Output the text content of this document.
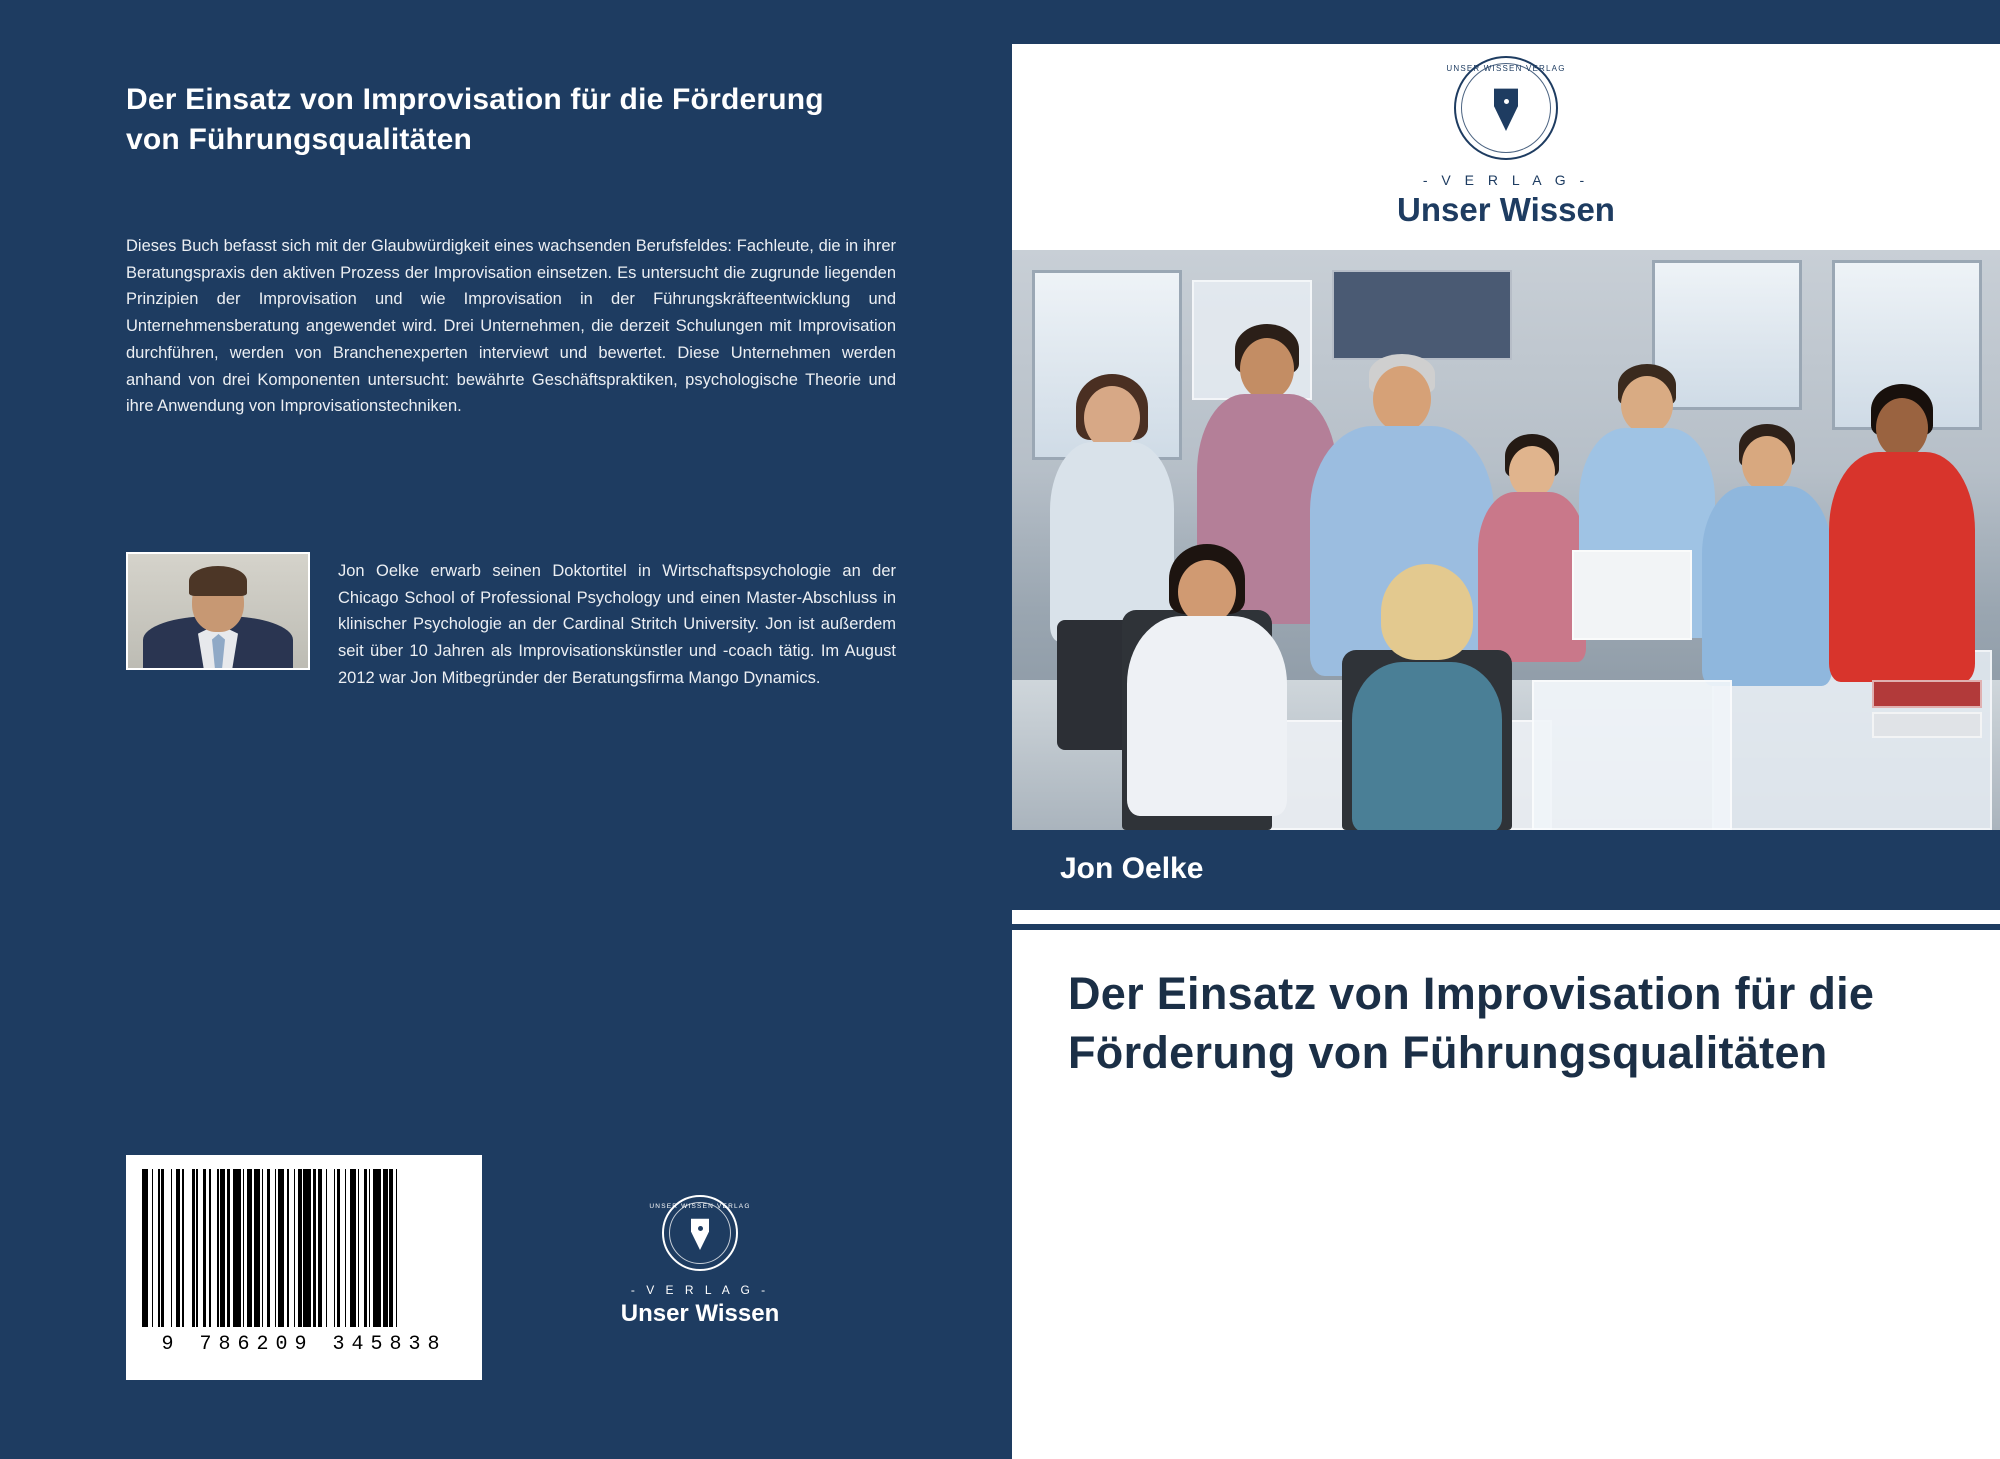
Der Einsatz von Improvisation für die Förderung von Führungsqualitäten
Dieses Buch befasst sich mit der Glaubwürdigkeit eines wachsenden Berufsfeldes: Fachleute, die in ihrer Beratungspraxis den aktiven Prozess der Improvisation einsetzen. Es untersucht die zugrunde liegenden Prinzipien der Improvisation und wie Improvisation in der Führungskräfteentwicklung und Unternehmensberatung angewendet wird. Drei Unternehmen, die derzeit Schulungen mit Improvisation durchführen, werden von Branchenexperten interviewt und bewertet. Diese Unternehmen werden anhand von drei Komponenten untersucht: bewährte Geschäftspraktiken, psychologische Theorie und ihre Anwendung von Improvisationstechniken.
Jon Oelke erwarb seinen Doktortitel in Wirtschaftspsychologie an der Chicago School of Professional Psychology und einen Master-Abschluss in klinischer Psychologie an der Cardinal Stritch University. Jon ist außerdem seit über 10 Jahren als Improvisationskünstler und -coach tätig. Im August 2012 war Jon Mitbegründer der Beratungsfirma Mango Dynamics.
9 786209 345838
UNSER WISSEN VERLAG
- V E R L A G -
Unser Wissen
UNSER WISSEN VERLAG
- V E R L A G -
Unser Wissen
Jon Oelke
Der Einsatz von Improvisation für die Förderung von Führungsqualitäten
